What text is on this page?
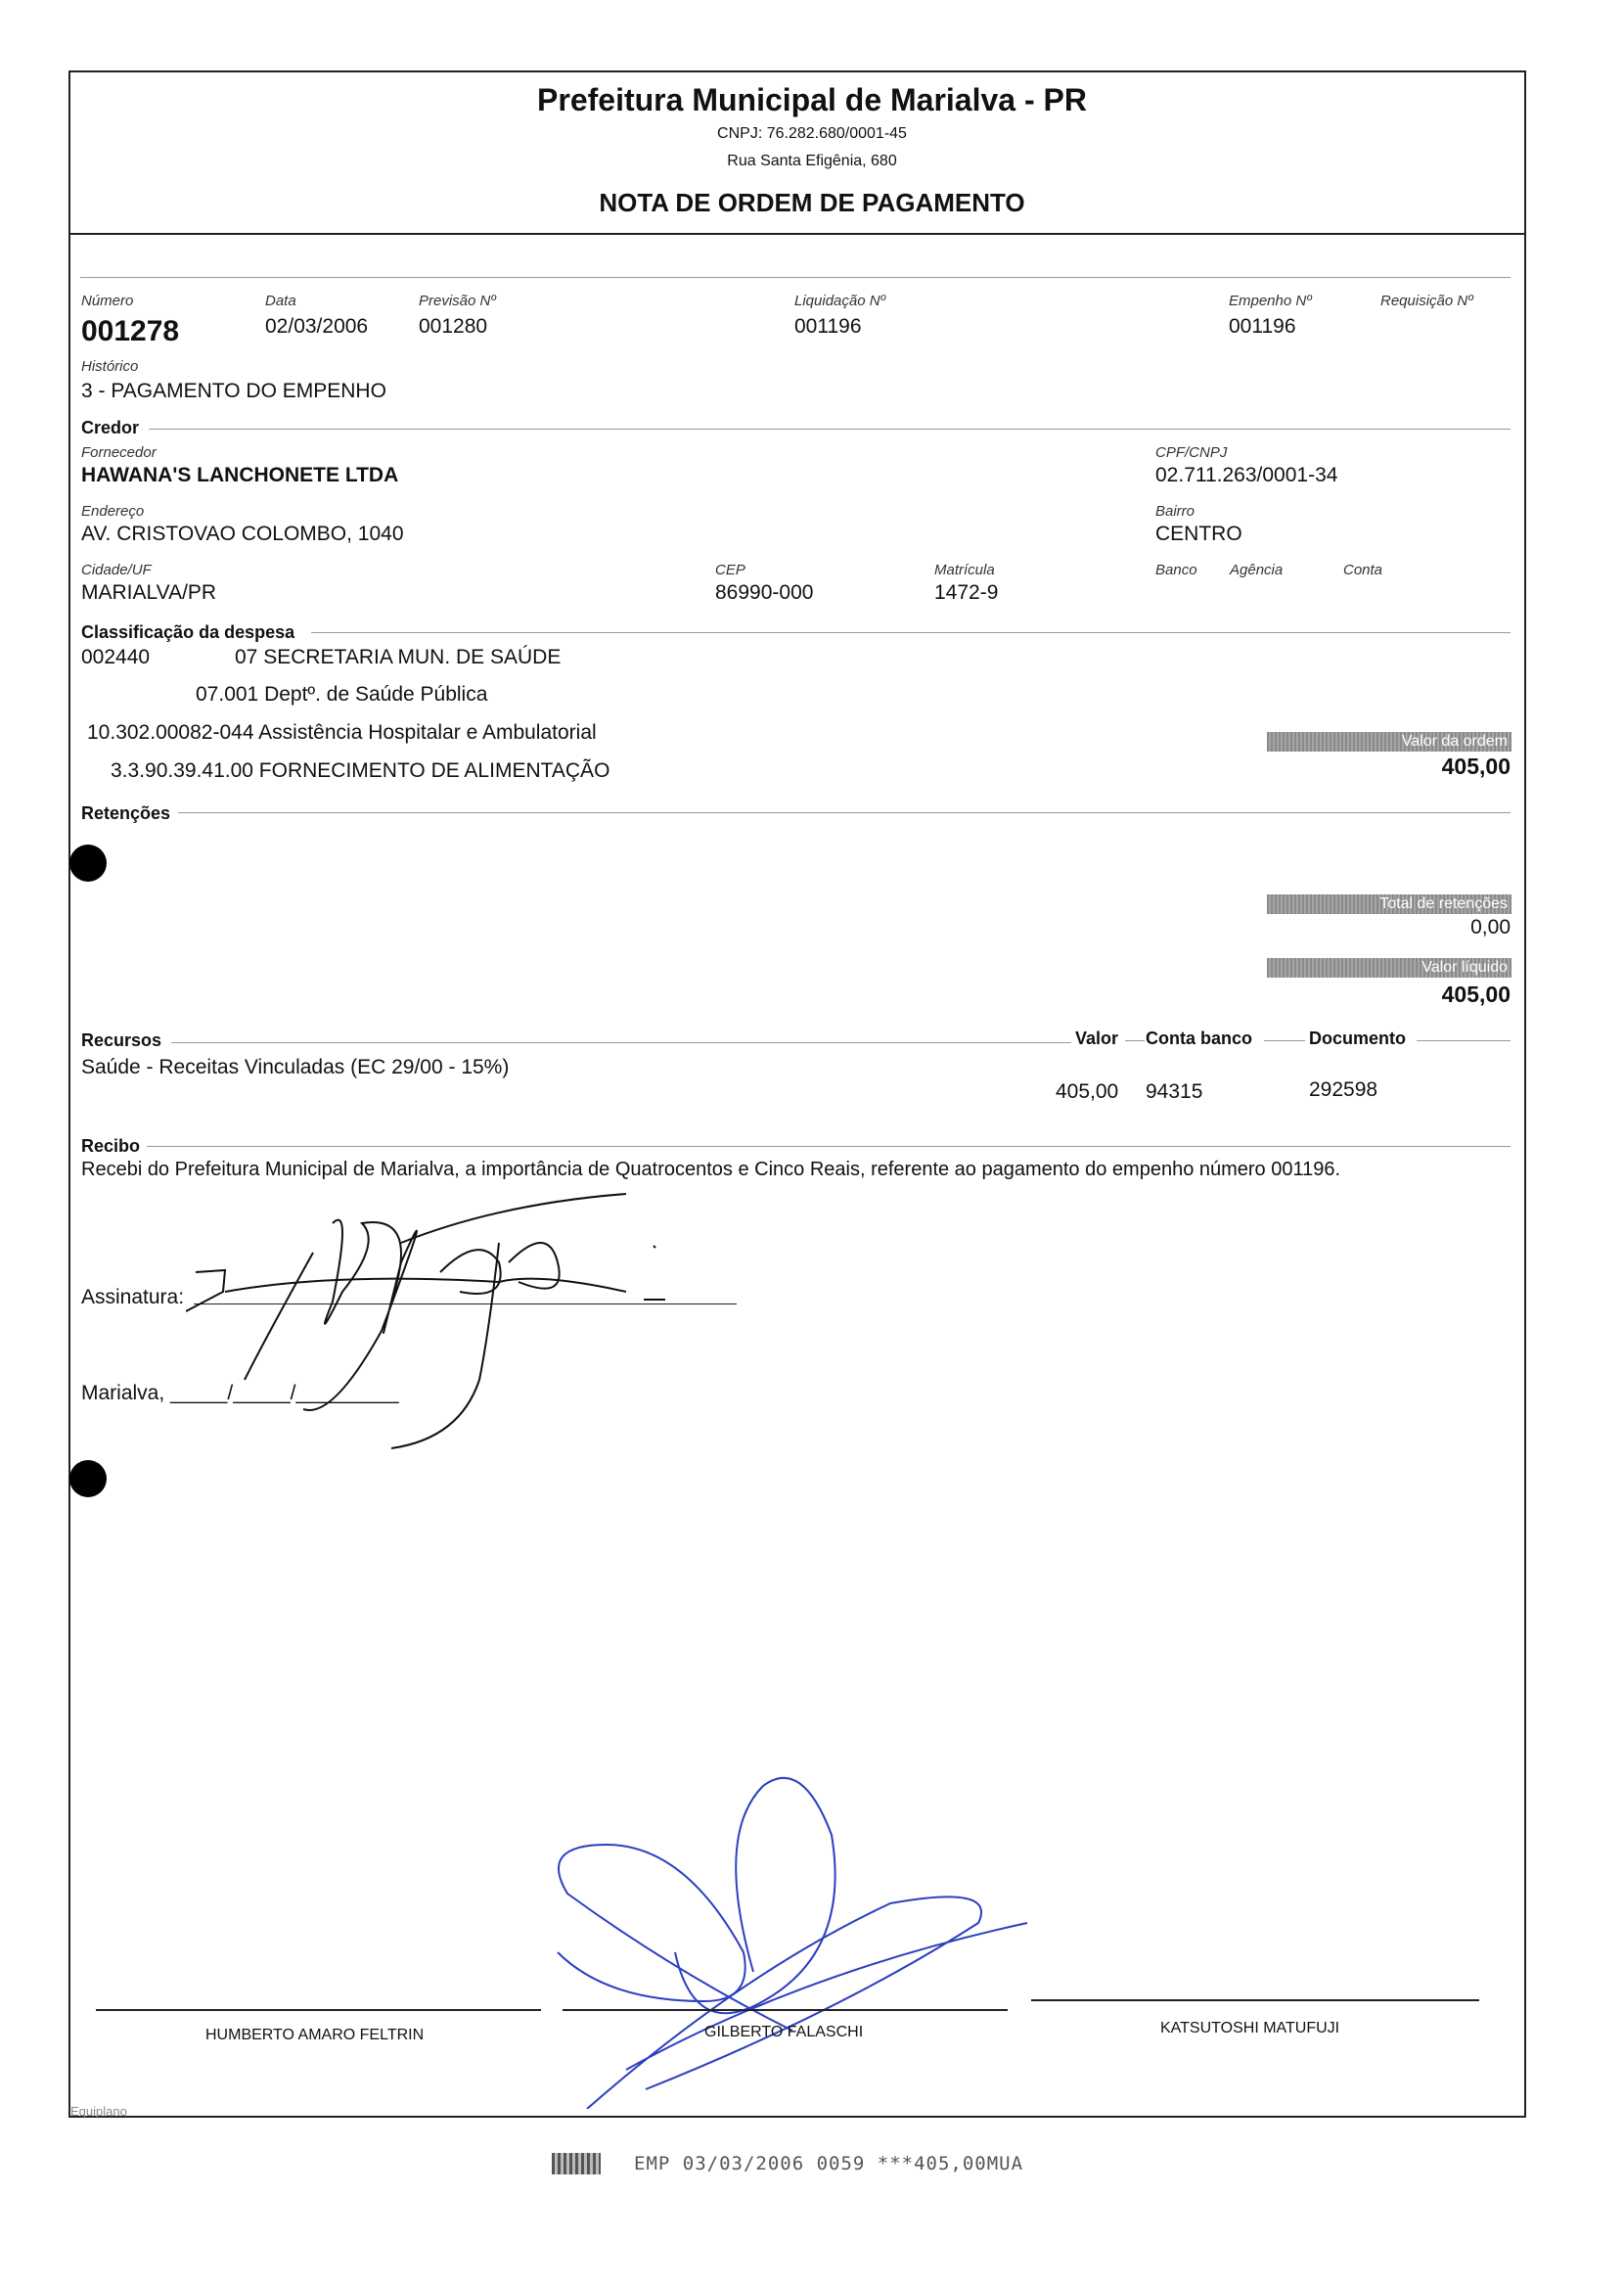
Prefeitura Municipal de Marialva - PR
CNPJ: 76.282.680/0001-45
Rua Santa Efigênia, 680
NOTA DE ORDEM DE PAGAMENTO
Número
001278
Data
02/03/2006
Previsão Nº
001280
Liquidação Nº
001196
Empenho Nº
001196
Requisição Nº
Histórico
3 - PAGAMENTO DO EMPENHO
Credor
Fornecedor
HAWANA'S LANCHONETE LTDA
CPF/CNPJ
02.711.263/0001-34
Endereço
AV. CRISTOVAO COLOMBO, 1040
Bairro
CENTRO
Cidade/UF
MARIALVA/PR
CEP
86990-000
Matrícula
1472-9
Banco Agência	Conta
Classificação da despesa
002440	07 SECRETARIA MUN. DE SAÚDE
07.001 Deptº. de Saúde Pública
10.302.00082-044 Assistência Hospitalar e Ambulatorial
3.3.90.39.41.00 FORNECIMENTO DE ALIMENTAÇÃO
Valor da ordem
405,00
Retenções
Total de retenções
0,00
Valor líquido
405,00
Recursos	Valor Conta banco	Documento
Saúde - Receitas Vinculadas (EC 29/00 - 15%)
405,00 94315	292598
Recibo
Recebi do Prefeitura Municipal de Marialva, a importância de Quatrocentos e Cinco Reais, referente ao pagamento do empenho número 001196.
Assinatura:
Marialva, _____/_____/_________
HUMBERTO AMARO FELTRIN	GILBERTO FALASCHI	KATSUTOSHI MATUFUJI
Equiplano
EMP 03/03/2006 0059 ***405,00MUA
